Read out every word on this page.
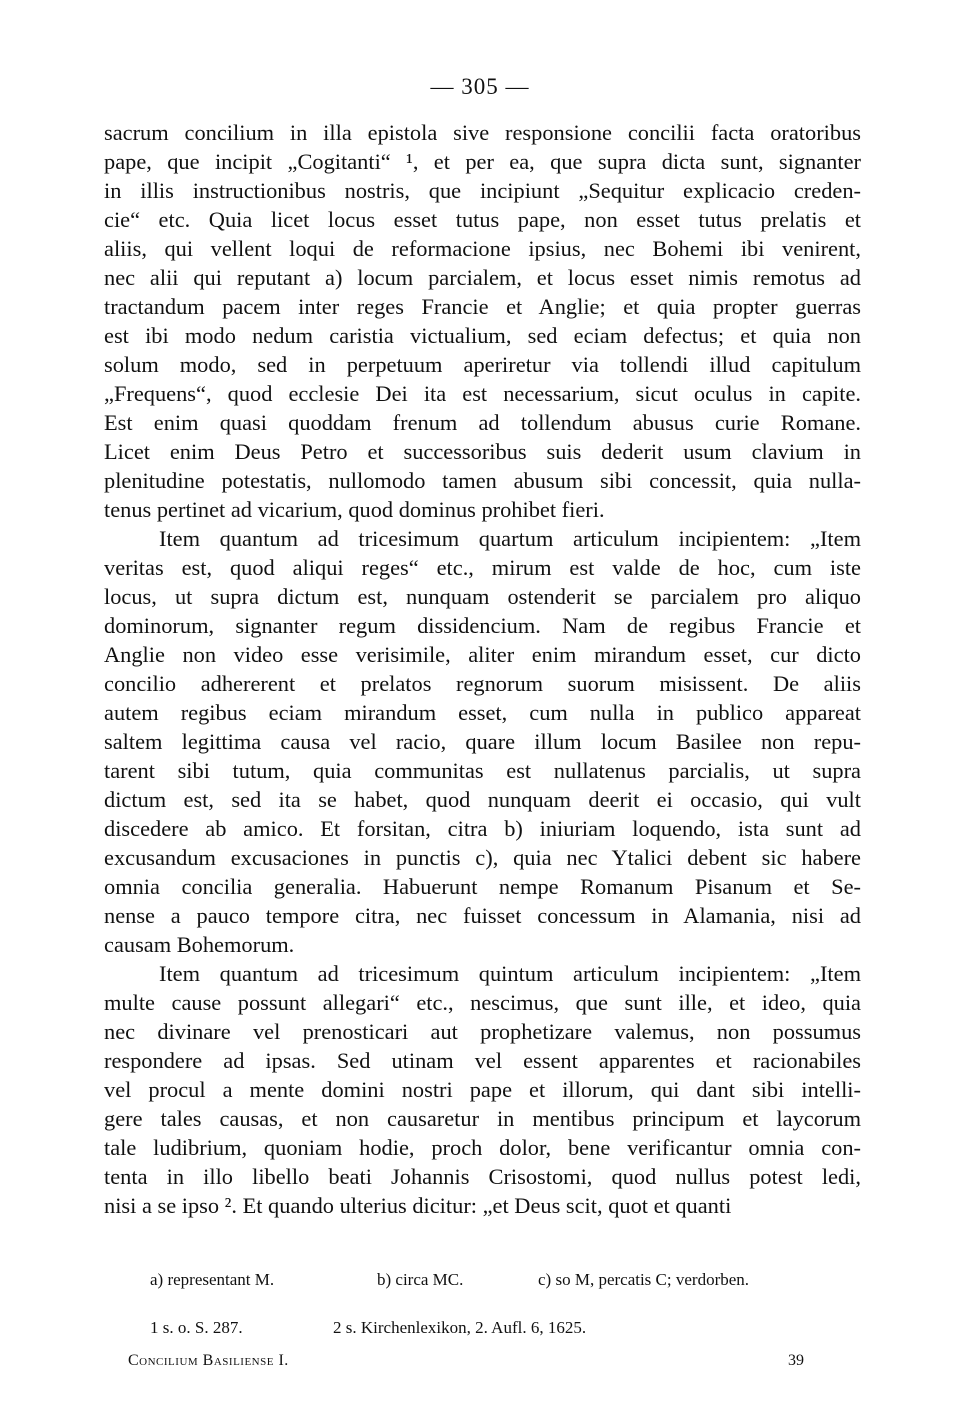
— 305 —

sacrum concilium in illa epistola sive responsione concilii facta oratoribus
pape, que incipit „Cogitanti“ ¹, et per ea, que supra dicta sunt, signanter
in illis instructionibus nostris, que incipiunt „Sequitur explicacio creden-
cie“ etc. Quia licet locus esset tutus pape, non esset tutus prelatis et
aliis, qui vellent loqui de reformacione ipsius, nec Bohemi ibi venirent,
nec alii qui reputant a) locum parcialem, et locus esset nimis remotus ad
tractandum pacem inter reges Francie et Anglie; et quia propter guerras
est ibi modo nedum caristia victualium, sed eciam defectus; et quia non
solum modo, sed in perpetuum aperiretur via tollendi illud capitulum
„Frequens“, quod ecclesie Dei ita est necessarium, sicut oculus in capite.
Est enim quasi quoddam frenum ad tollendum abusus curie Romane.
Licet enim Deus Petro et successoribus suis dederit usum clavium in
plenitudine potestatis, nullomodo tamen abusum sibi concessit, quia nulla-
tenus pertinet ad vicarium, quod dominus prohibet fieri.

Item quantum ad tricesimum quartum articulum incipientem: „Item
veritas est, quod aliqui reges“ etc., mirum est valde de hoc, cum iste
locus, ut supra dictum est, nunquam ostenderit se parcialem pro aliquo
dominorum, signanter regum dissidencium. Nam de regibus Francie et
Anglie non video esse verisimile, aliter enim mirandum esset, cur dicto
concilio adhererent et prelatos regnorum suorum misissent. De aliis
autem regibus eciam mirandum esset, cum nulla in publico appareat
saltem legittima causa vel racio, quare illum locum Basilee non repu-
tarent sibi tutum, quia communitas est nullatenus parcialis, ut supra
dictum est, sed ita se habet, quod nunquam deerit ei occasio, qui vult
discedere ab amico. Et forsitan, citra b) iniuriam loquendo, ista sunt ad
excusandum excusaciones in punctis c), quia nec Ytalici debent sic habere
omnia concilia generalia. Habuerunt nempe Romanum Pisanum et Se-
nense a pauco tempore citra, nec fuisset concessum in Alamania, nisi ad
causam Bohemorum.

Item quantum ad tricesimum quintum articulum incipientem: „Item
multe cause possunt allegari“ etc., nescimus, que sunt ille, et ideo, quia
nec divinare vel prenosticari aut prophetizare valemus, non possumus
respondere ad ipsas. Sed utinam vel essent apparentes et racionabiles
vel procul a mente domini nostri pape et illorum, qui dant sibi intelli-
gere tales causas, et non causaretur in mentibus principum et laycorum
tale ludibrium, quoniam hodie, proch dolor, bene verificantur omnia con-
tenta in illo libello beati Johannis Crisostomi, quod nullus potest ledi,
nisi a se ipso ². Et quando ulterius dicitur: „et Deus scit, quot et quanti

a) representant M.	b) circa MC.	c) so M, percatis C; verdorben.
1 s. o. S. 287.	2 s. Kirchenlexikon, 2. Aufl. 6, 1625.
Concilium Basiliense I.	39
